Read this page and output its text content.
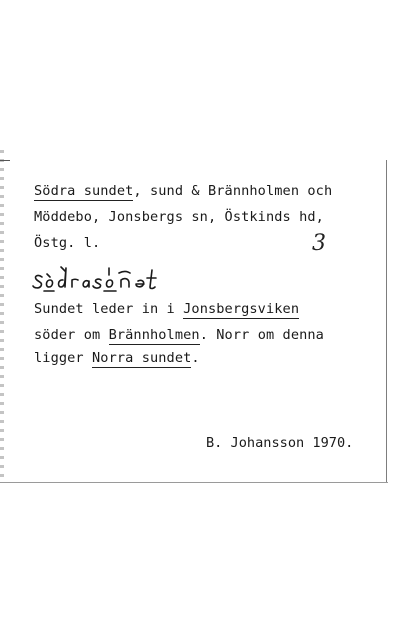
Södra sundet, sund & Brännholmen och
Möddebo, Jonsbergs sn, Östkinds hd,
Östg. l.	3
Sundet leder in i Jonsbergsviken
söder om Brännholmen. Norr om denna
ligger Norra sundet.
B. Johansson 1970.
